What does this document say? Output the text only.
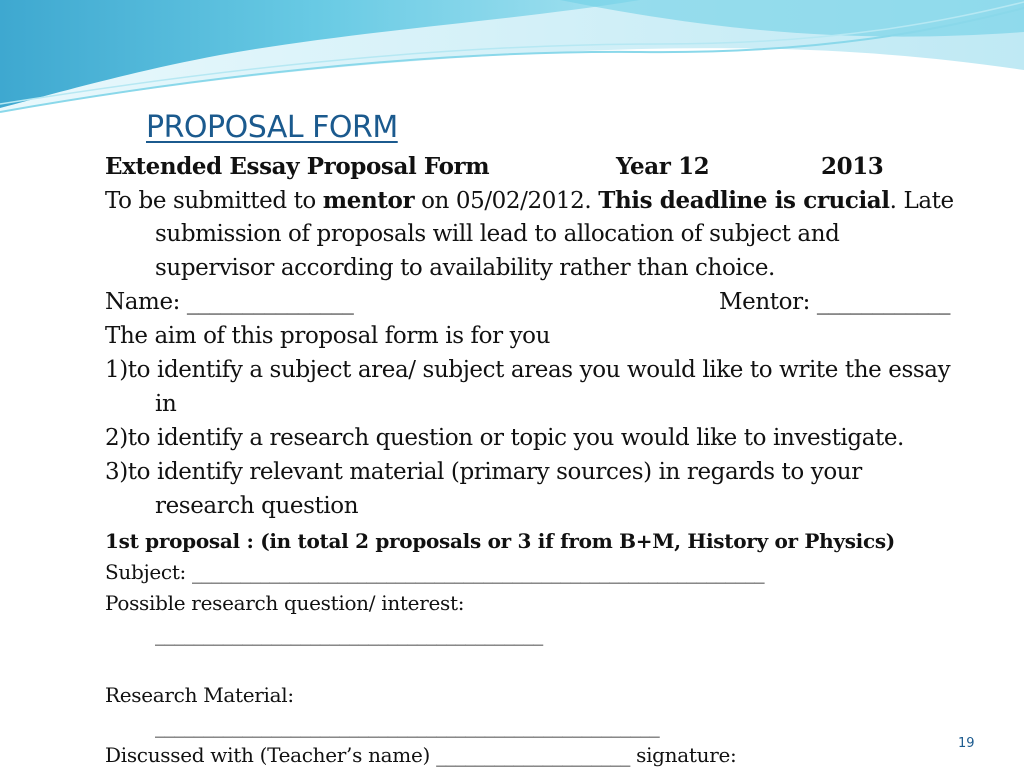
PROPOSAL FORM
Extended Essay Proposal Form	Year 12	2013
To be submitted to mentor on 05/02/2012. This deadline is crucial. Late
submission of proposals will lead to allocation of subject and
supervisor according to availability rather than choice.
Name: _______________	Mentor: ____________
The aim of this proposal form is for you
1)to identify a subject area/ subject areas you would like to write the essay
in
2)to identify a research question or topic you would like to investigate.
3)to identify relevant material (primary sources) in regards to your
research question
1st proposal : (in total 2 proposals or 3 if from B+M, History or Physics)
Subject: ___________________________________________________________
Possible research question/ interest:
________________________________________
Research Material:
____________________________________________________
Discussed with (Teacher’s name) ____________________ signature:	19
